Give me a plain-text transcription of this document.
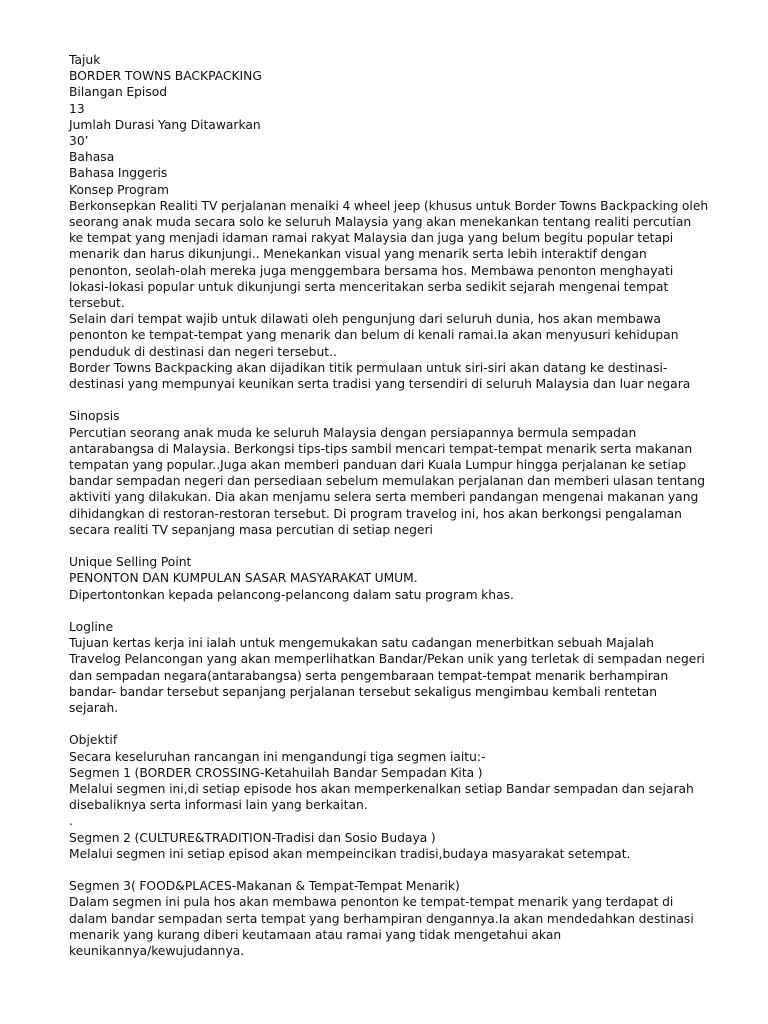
Tajuk

BORDER TOWNS BACKPACKING

Bilangan Episod

13

Jumlah Durasi Yang Ditawarkan

30’

Bahasa

Bahasa Inggeris

Konsep Program

Berkonsepkan Realiti TV perjalanan menaiki 4 wheel jeep (khusus untuk Border Towns Backpacking oleh seorang anak muda secara solo ke seluruh Malaysia yang akan menekankan tentang realiti percutian ke tempat yang menjadi idaman ramai rakyat Malaysia dan juga yang belum begitu popular tetapi menarik dan harus dikunjungi.. Menekankan visual yang menarik serta lebih interaktif dengan penonton, seolah-olah mereka juga menggembara bersama hos. Membawa penonton menghayati lokasi-lokasi popular untuk dikunjungi serta menceritakan serba sedikit sejarah mengenai tempat tersebut.

Selain dari tempat wajib untuk dilawati oleh pengunjung dari seluruh dunia, hos akan membawa penonton ke tempat-tempat yang menarik dan belum di kenali ramai.Ia akan menyusuri kehidupan penduduk di destinasi dan negeri tersebut..

Border Towns Backpacking akan dijadikan titik permulaan untuk siri-siri akan datang ke destinasi-destinasi yang mempunyai keunikan serta tradisi yang tersendiri di seluruh Malaysia dan luar negara

Sinopsis

Percutian seorang anak muda ke seluruh Malaysia dengan persiapannya bermula sempadan antarabangsa di Malaysia. Berkongsi tips-tips sambil mencari tempat-tempat menarik serta makanan tempatan yang popular..Juga akan memberi panduan dari Kuala Lumpur hingga perjalanan ke setiap bandar sempadan negeri dan persediaan sebelum memulakan perjalanan dan memberi ulasan tentang aktiviti yang dilakukan. Dia akan menjamu selera serta memberi pandangan mengenai makanan yang dihidangkan di restoran-restoran tersebut. Di program travelog ini, hos akan berkongsi pengalaman secara realiti TV sepanjang masa percutian di setiap negeri

Unique Selling Point

PENONTON DAN KUMPULAN SASAR MASYARAKAT UMUM.

Dipertontonkan kepada pelancong-pelancong dalam satu program khas.

Logline

Tujuan kertas kerja ini ialah untuk mengemukakan satu cadangan menerbitkan sebuah Majalah Travelog Pelancongan yang akan memperlihatkan Bandar/Pekan unik yang terletak di sempadan negeri dan sempadan negara(antarabangsa) serta pengembaraan tempat-tempat menarik berhampiran bandar- bandar tersebut sepanjang perjalanan tersebut sekaligus mengimbau kembali rentetan sejarah.

Objektif

Secara keseluruhan rancangan ini mengandungi tiga segmen iaitu:-

Segmen 1 (BORDER CROSSING-Ketahuilah Bandar Sempadan Kita )

Melalui segmen ini,di setiap episode hos akan memperkenalkan setiap Bandar sempadan dan sejarah disebaliknya serta informasi lain yang berkaitan.

.

Segmen 2 (CULTURE&TRADITION-Tradisi dan Sosio Budaya )

Melalui segmen ini setiap episod akan mempeincikan tradisi,budaya masyarakat setempat.

Segmen 3( FOOD&PLACES-Makanan & Tempat-Tempat Menarik)

Dalam segmen ini pula hos akan membawa penonton ke tempat-tempat menarik yang terdapat di dalam bandar sempadan serta tempat yang berhampiran dengannya.Ia akan mendedahkan destinasi menarik yang kurang diberi keutamaan atau ramai yang tidak mengetahui akan keunikannya/kewujudannya.
